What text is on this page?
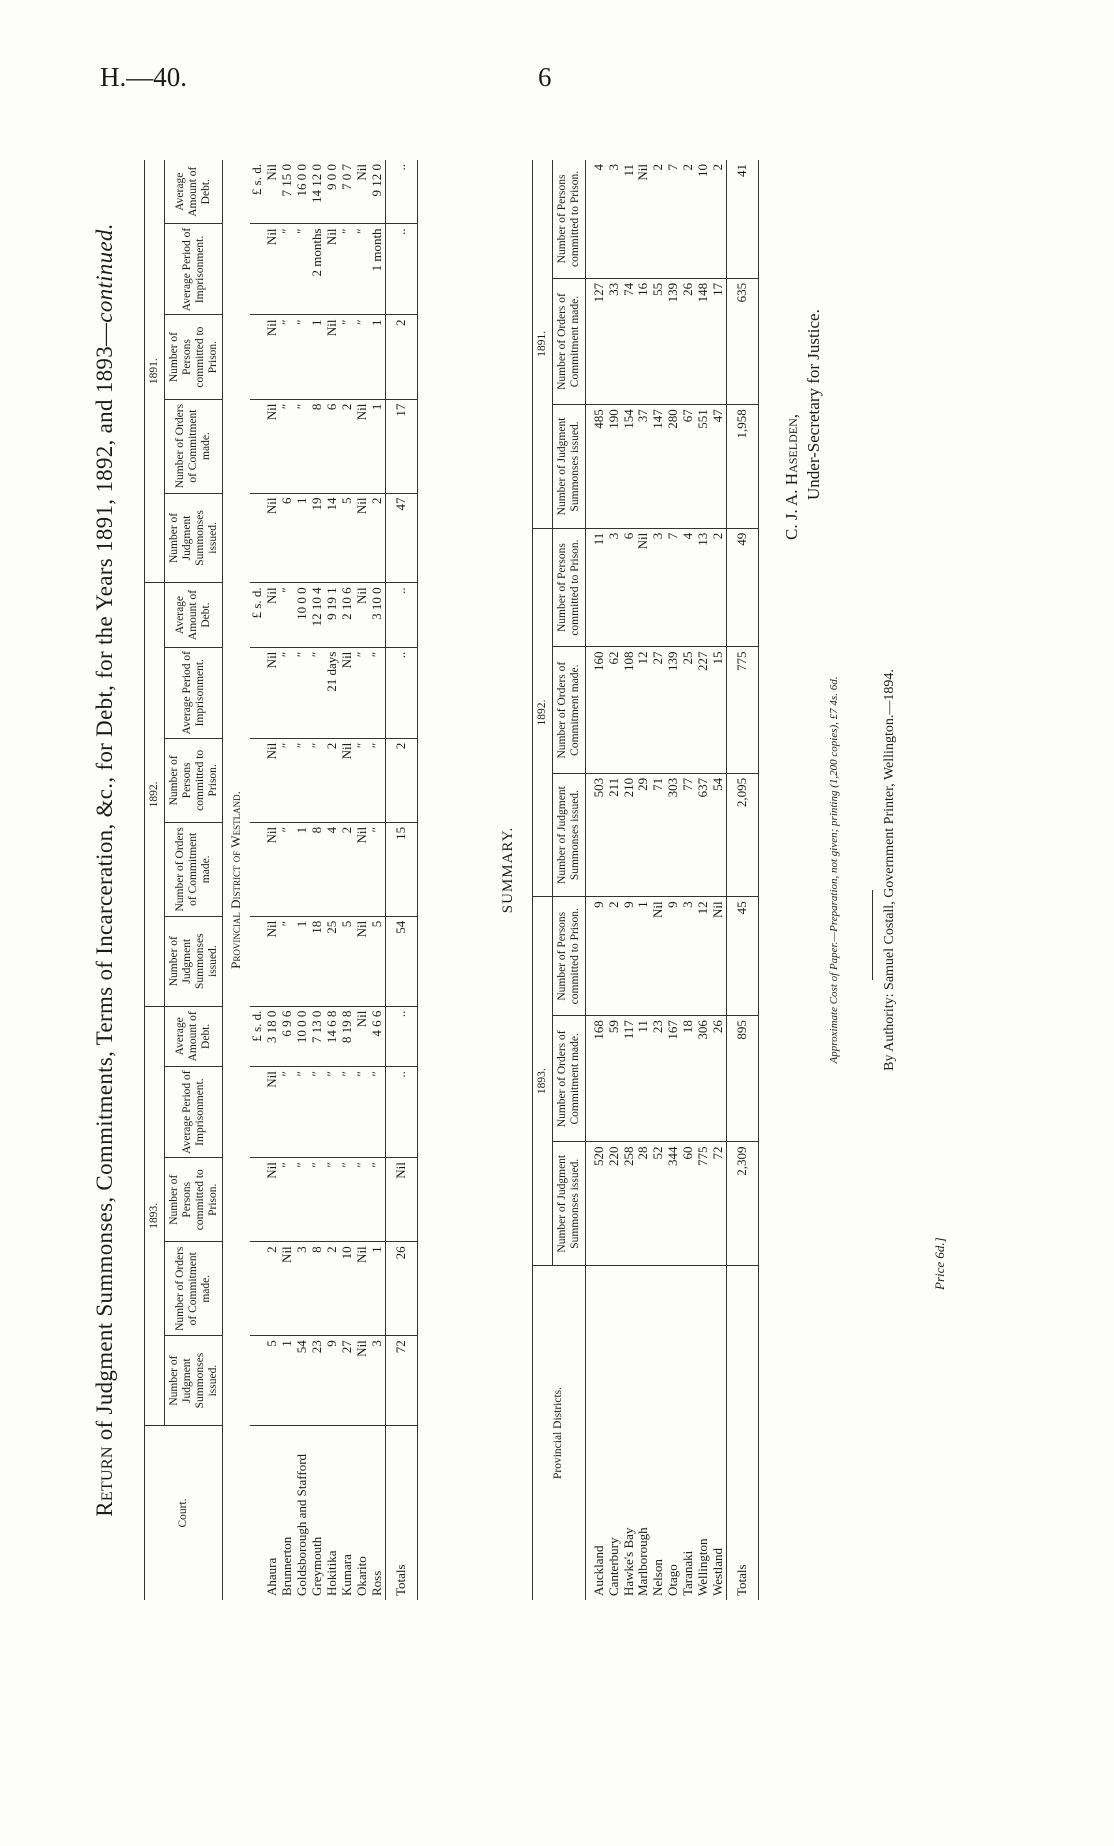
H.—40.	6
Return of Judgment Summonses, Commitments, Terms of Incarceration, &c., for Debt, for the Years 1891, 1892, and 1893—continued.
Court.	1893.					1892.					1891.				
	Number of Judgment Summonses issued.	Number of Orders of Commitment made.	Number of Persons committed to Prison.	Average Period of Imprisonment.	Average Amount of Debt.	Number of Judgment Summonses issued.	Number of Orders of Commitment made.	Number of Persons committed to Prison.	Average Period of Imprisonment.	Average Amount of Debt.	Number of Judgment Summonses issued.	Number of Orders of Commitment made.	Number of Persons committed to Prison.	Average Period of Imprisonment.	Average Amount of Debt.
Provincial District of Westland.															
					£ s. d.					£ s. d.					£ s. d.
Ahaura	5	2	Nil	Nil	3 18 0	Nil	Nil	Nil	Nil	Nil	Nil	Nil	Nil	Nil	Nil
Brunnerton	1	Nil	″	″	6 9 6	″	″	″	″	″	6	″	″	″	7 15 0
Goldsborough and Stafford	54	3	″	″	10 0 0	1	1	″	″	10 0 0	1	″	″	″	16 0 0
Greymouth	23	8	″	″	7 13 0	18	8	″	″	12 10 4	19	8	1	2 months	14 12 0
Hokitika	9	2	″	″	14 6 8	25	4	2	21 days	9 19 1	14	6	Nil	Nil	9 0 0
Kumara	27	10	″	″	8 19 8	5	2	Nil	Nil	2 10 6	5	2	″	″	7 0 7
Okarito	Nil	Nil	″	″	Nil	Nil	Nil	″	″	Nil	Nil	Nil	″	″	Nil
Ross	3	1	″	″	4 6 6	5	″	″	″	3 10 0	2	1	1	1 month	9 12 0
Totals	72	26	Nil	..	..	54	15	2	..	..	47	17	2	..	..
SUMMARY.
Provincial Districts.	1893.			1892.			1891.		
	Number of Judgment Summonses issued.	Number of Orders of Commitment made.	Number of Persons committed to Prison.	Number of Judgment Summonses issued.	Number of Orders of Commitment made.	Number of Persons committed to Prison.	Number of Judgment Summonses issued.	Number of Orders of Commitment made.	Number of Persons committed to Prison.
Auckland	520	168	9	503	160	11	485	127	4
Canterbury	220	59	2	211	62	3	190	33	3
Hawke's Bay	258	117	9	210	108	6	154	74	11
Marlborough	28	11	1	29	12	Nil	37	16	Nil
Nelson	52	23	Nil	71	27	3	147	55	2
Otago	344	167	9	303	139	7	280	139	7
Taranaki	60	18	3	77	25	4	67	26	2
Wellington	775	306	12	637	227	13	551	148	10
Westland	72	26	Nil	54	15	2	47	17	2
Totals	2,309	895	45	2,095	775	49	1,958	635	41
C. J. A. Haselden, Under-Secretary for Justice.
Approximate Cost of Paper.—Preparation, not given; printing (1,200 copies), £7 4s. 6d.	By Authority: Samuel Costall, Government Printer, Wellington.—1894.
Price 6d.]
